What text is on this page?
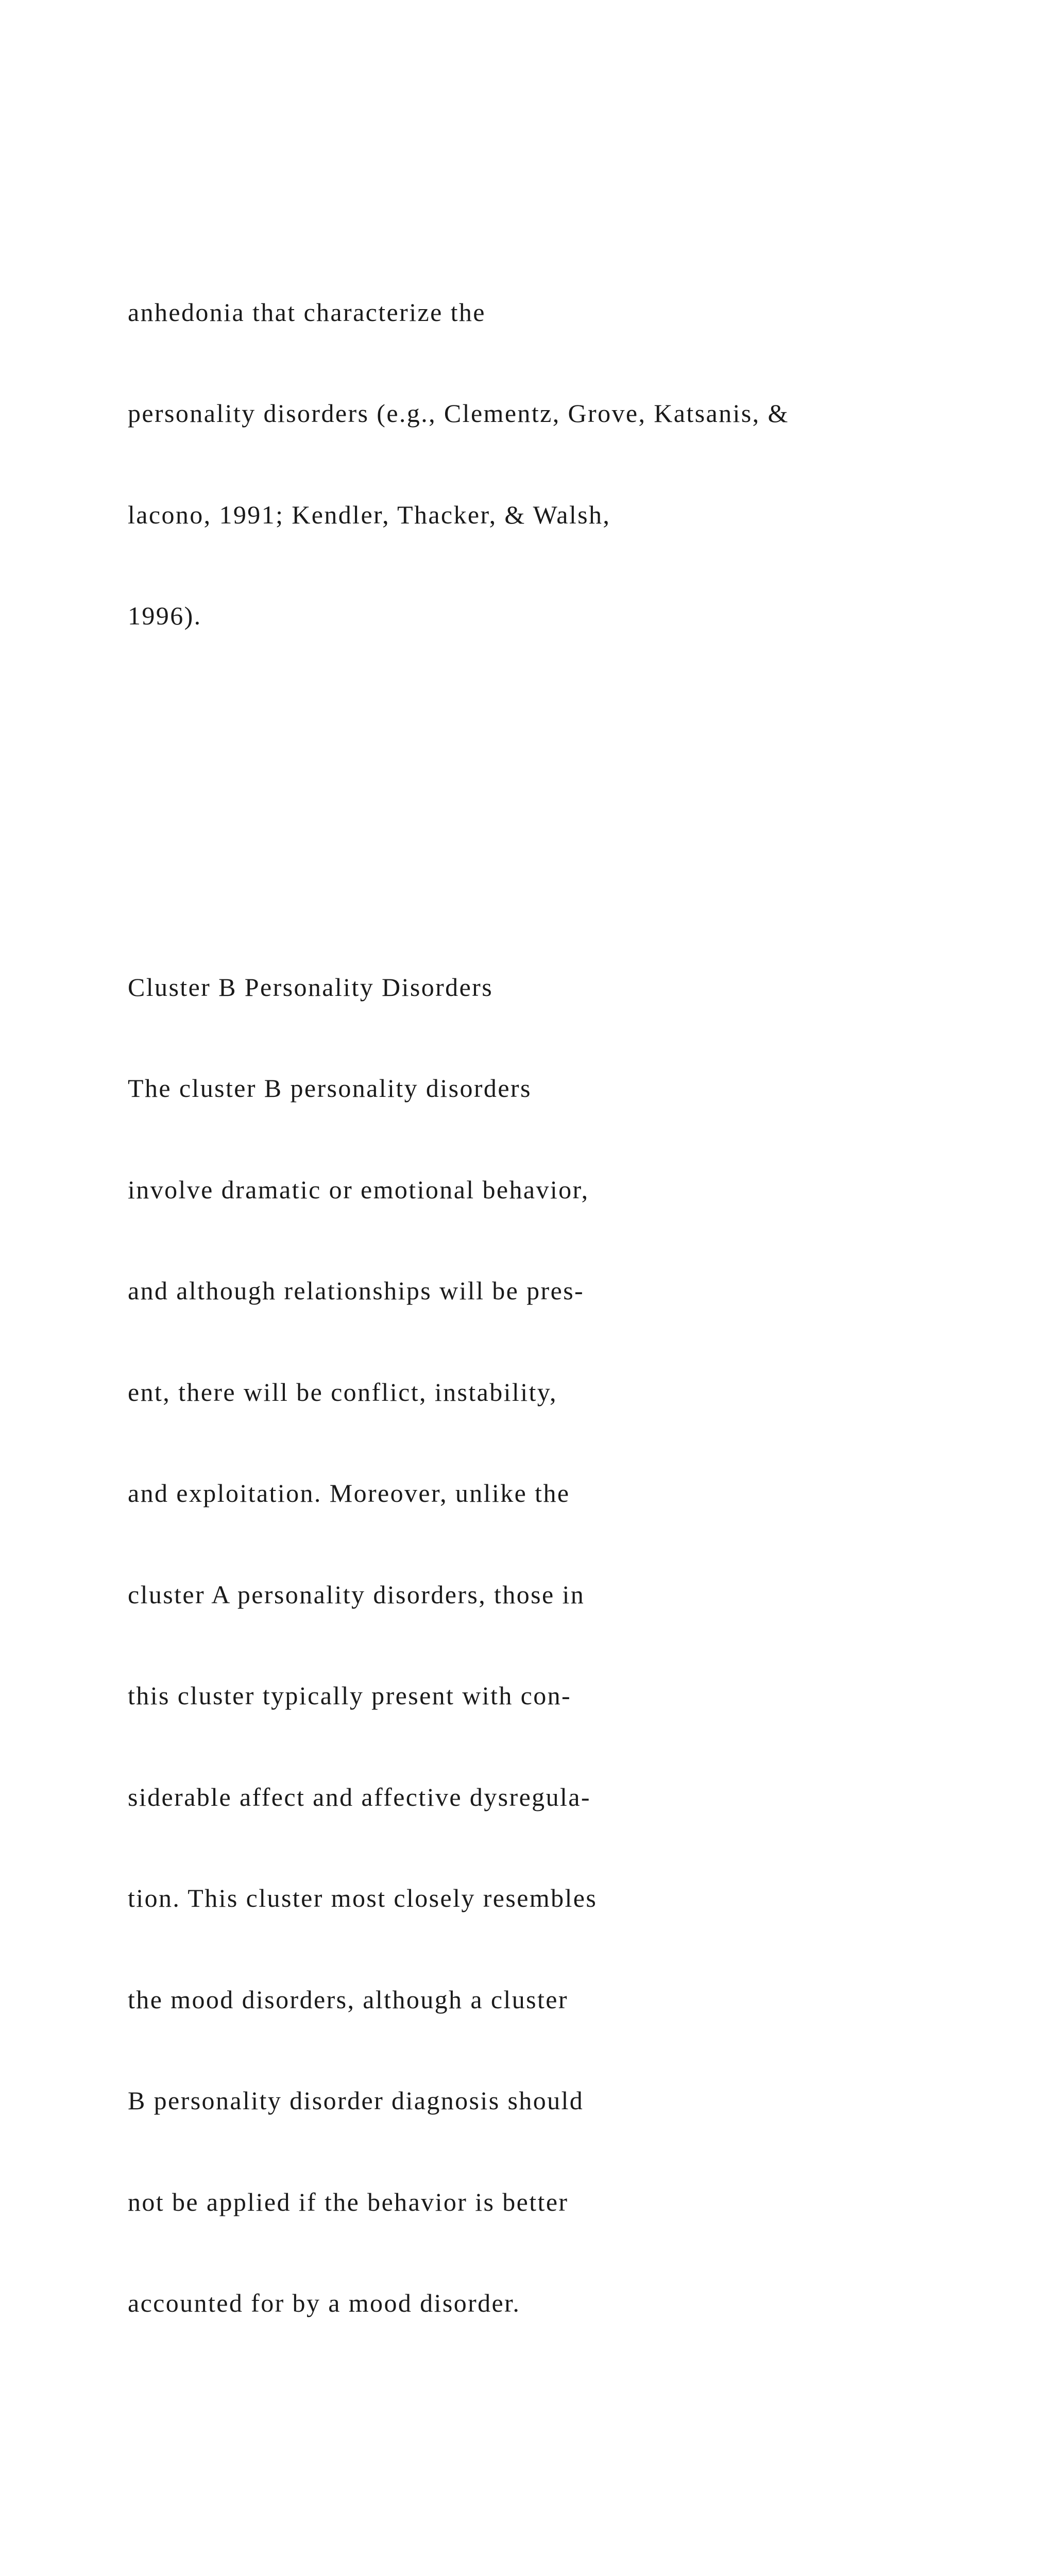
anhedonia that characterize the

personality disorders (e.g., Clementz, Grove, Katsanis, &

lacono, 1991; Kendler, Thacker, & Walsh,

1996).

Cluster B Personality Disorders

The cluster B personality disorders

involve dramatic or emotional behavior,

and although relationships will be pres-

ent, there will be conflict, instability,

and exploitation. Moreover, unlike the

cluster A personality disorders, those in

this cluster typically present with con-

siderable affect and affective dysregula-

tion. This cluster most closely resembles

the mood disorders, although a cluster

B personality disorder diagnosis should

not be applied if the behavior is better

accounted for by a mood disorder.
